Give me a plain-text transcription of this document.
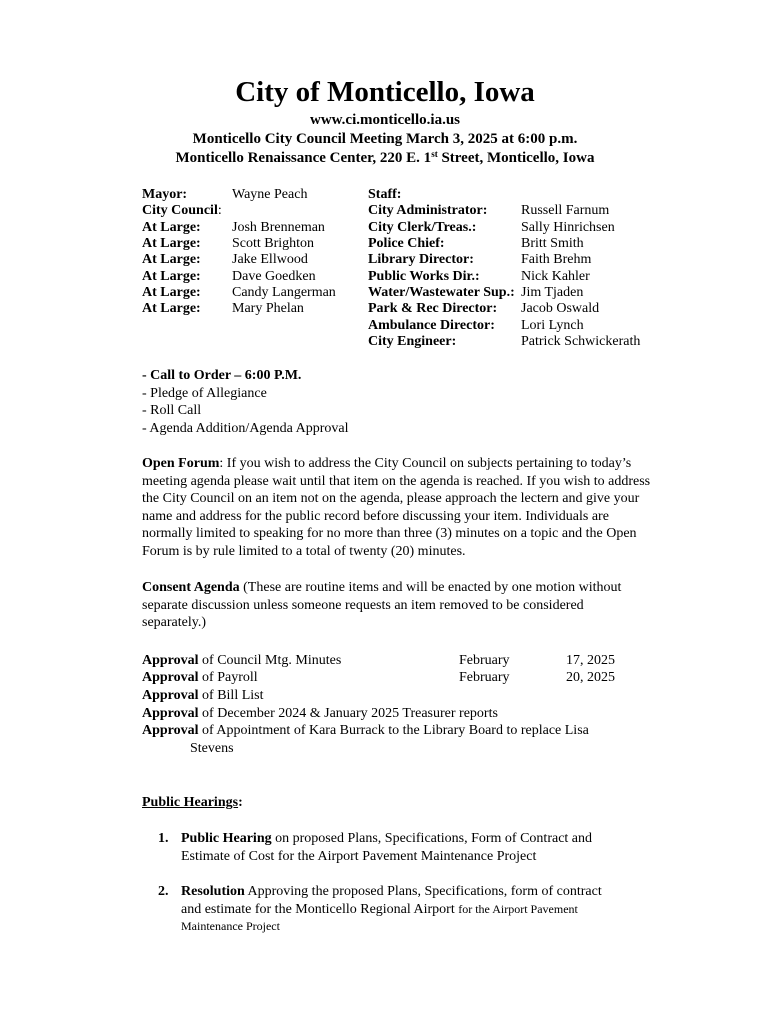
City of Monticello, Iowa
www.ci.monticello.ia.us
Monticello City Council Meeting March 3, 2025 at 6:00 p.m.
Monticello Renaissance Center, 220 E. 1st Street, Monticello, Iowa
Mayor:	Wayne Peach
City Council:
At Large: Josh Brenneman
At Large: Scott Brighton
At Large: Jake Ellwood
At Large: Dave Goedken
At Large: Candy Langerman
At Large: Mary Phelan
Staff:
City Administrator: Russell Farnum
City Clerk/Treas.:	Sally Hinrichsen
Police Chief:	Britt Smith
Library Director:	Faith Brehm
Public Works Dir.:	Nick Kahler
Water/Wastewater Sup.: Jim Tjaden
Park & Rec Director: Jacob Oswald
Ambulance Director: Lori Lynch
City Engineer:	Patrick Schwickerath
- Call to Order – 6:00 P.M.
- Pledge of Allegiance
- Roll Call
- Agenda Addition/Agenda Approval
Open Forum: If you wish to address the City Council on subjects pertaining to today’s meeting agenda please wait until that item on the agenda is reached. If you wish to address the City Council on an item not on the agenda, please approach the lectern and give your name and address for the public record before discussing your item. Individuals are normally limited to speaking for no more than three (3) minutes on a topic and the Open Forum is by rule limited to a total of twenty (20) minutes.
Consent Agenda (These are routine items and will be enacted by one motion without separate discussion unless someone requests an item removed to be considered separately.)
Approval of Council Mtg. Minutes	February	17, 2025
Approval of Payroll	February	20, 2025
Approval of Bill List
Approval of December 2024 & January 2025 Treasurer reports
Approval of Appointment of Kara Burrack to the Library Board to replace Lisa
Stevens
Public Hearings:
1. Public Hearing on proposed Plans, Specifications, Form of Contract and
Estimate of Cost for the Airport Pavement Maintenance Project
2. Resolution Approving the proposed Plans, Specifications, form of contract
and estimate for the Monticello Regional Airport for the Airport Pavement
Maintenance Project
